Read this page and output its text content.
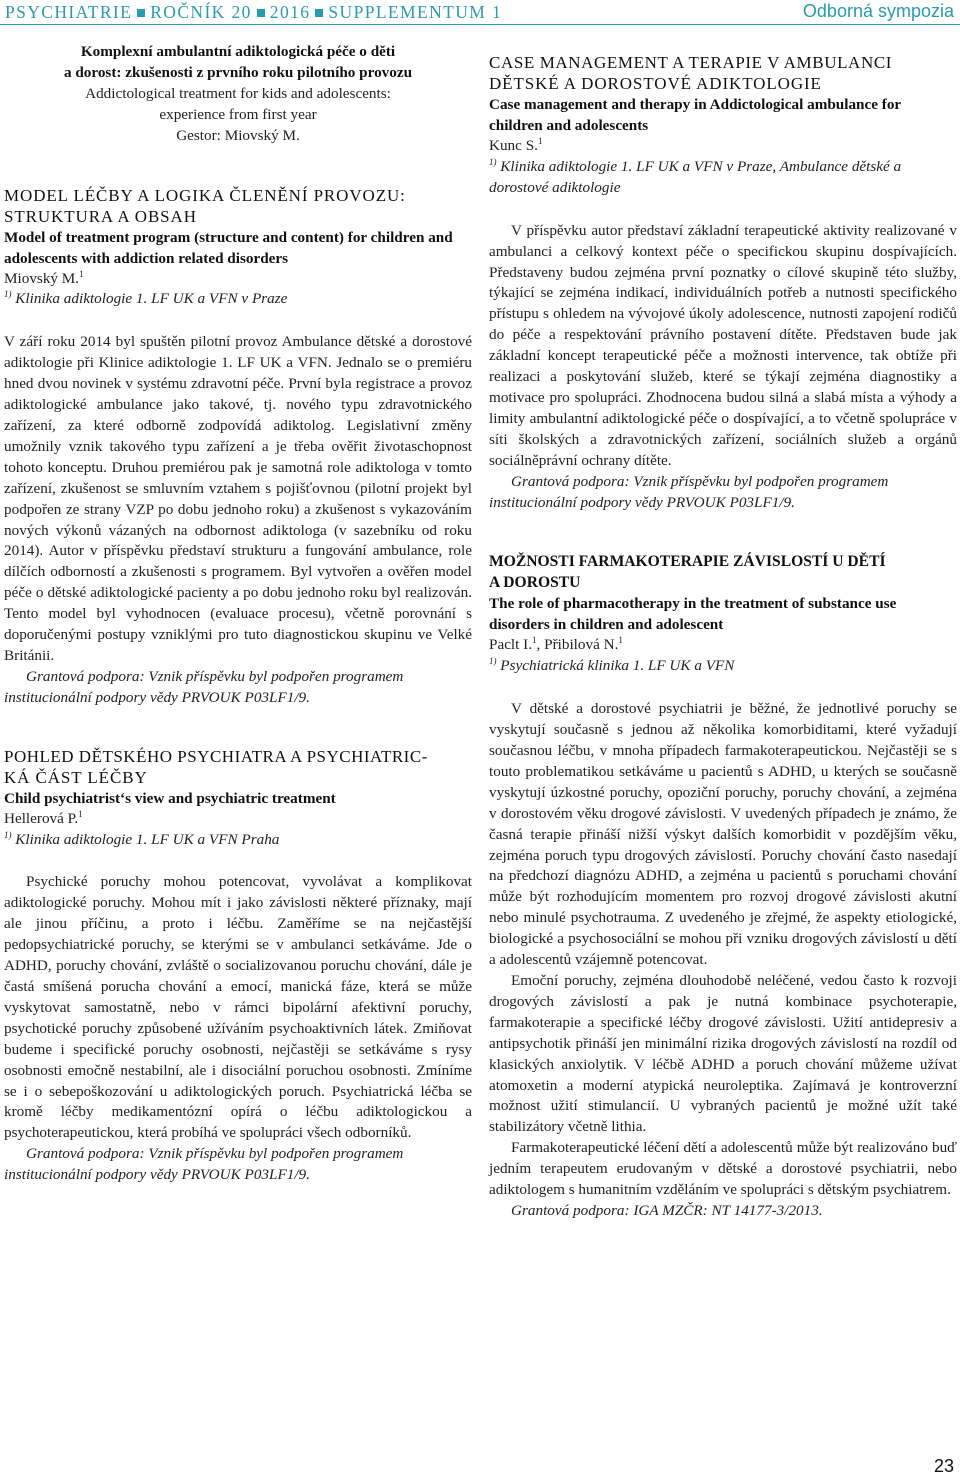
PSYCHIATRIE ROČNÍK 20 2016 SUPPLEMENTUM 1	Odborná sympozia

Komplexní ambulantní adiktologická péče o děti

a dorost: zkušenosti z prvního roku pilotního provozu

Addictological treatment for kids and adolescents:

experience from first year

Gestor: Miovský M.

MODEL LÉČBY A LOGIKA ČLENĚNÍ PROVOZU:

STRUKTURA A OBSAH

Model of treatment program (structure and content) for children and adolescents with addiction related disorders

Miovský M.$^1$

$^{1)}$ Klinika adiktologie 1. LF UK a VFN v Praze

V září roku 2014 byl spuštěn pilotní provoz Ambulance dětské a dorostové adiktologie při Klinice adiktologie 1. LF UK a VFN. Jednalo se o premiéru hned dvou novinek v systému zdravotní péče. První byla registrace a provoz adiktologické ambulance jako takové, tj. nového typu zdravotnického zařízení, za které odborně zodpovídá adiktolog. Legislativní změny umožnily vznik takového typu zařízení a je třeba ověřit životaschopnost tohoto konceptu. Druhou premiérou pak je samotná role adiktologa v tomto zařízení, zkušenost se smluvním vztahem s pojišťovnou (pilotní projekt byl podpořen ze strany VZP po dobu jednoho roku) a zkušenost s vykazováním nových výkonů vázaných na odbornost adiktologa (v sazebníku od roku 2014). Autor v příspěvku představí strukturu a fungování ambulance, role dílčích odborností a zkušenosti s programem. Byl vytvořen a ověřen model péče o dětské adiktologické pacienty a po dobu jednoho roku byl realizován. Tento model byl vyhodnocen (evaluace procesu), včetně porovnání s doporučenými postupy vzniklými pro tuto diagnostickou skupinu ve Velké Británii.

Grantová podpora: Vznik příspěvku byl podpořen programem institucionální podpory vědy PRVOUK P03LF1/9.

POHLED DĚTSKÉHO PSYCHIATRA A PSYCHIATRIC-

KÁ ČÁST LÉČBY

Child psychiatrist‘s view and psychiatric treatment

Hellerová P.$^1$

$^{1)}$ Klinika adiktologie 1. LF UK a VFN Praha

Psychické poruchy mohou potencovat, vyvolávat a komplikovat adiktologické poruchy. Mohou mít i jako závislosti některé příznaky, mají ale jinou příčinu, a proto i léčbu. Zaměříme se na nejčastější pedopsychiatrické poruchy, se kterými se v ambulanci setkáváme. Jde o ADHD, poruchy chování, zvláště o socializovanou poruchu chování, dále je častá smíšená porucha chování a emocí, manická fáze, která se může vyskytovat samostatně, nebo v rámci bipolární afektivní poruchy, psychotické poruchy způsobené užíváním psychoaktivních látek. Zmiňovat budeme i specifické poruchy osobnosti, nejčastěji se setkáváme s rysy osobnosti emočně nestabilní, ale i disociální poruchou osobnosti. Zmíníme se i o sebepoškozování u adiktologických poruch. Psychiatrická léčba se kromě léčby medikamentózní opírá o léčbu adiktologickou a psychoterapeutickou, která probíhá ve spolupráci všech odborníků.

Grantová podpora: Vznik příspěvku byl podpořen programem institucionální podpory vědy PRVOUK P03LF1/9.

CASE MANAGEMENT A TERAPIE V AMBULANCI

DĚTSKÉ A DOROSTOVÉ ADIKTOLOGIE

Case management and therapy in Addictological ambulance for children and adolescents

Kunc S.$^1$

$^{1)}$ Klinika adiktologie 1. LF UK a VFN v Praze, Ambulance dětské a dorostové adiktologie

V příspěvku autor představí základní terapeutické aktivity realizované v ambulanci a celkový kontext péče o specifickou skupinu dospívajících. Představeny budou zejména první poznatky o cílové skupině této služby, týkající se zejména indikací, individuálních potřeb a nutnosti specifického přístupu s ohledem na vývojové úkoly adolescence, nutnosti zapojení rodičů do péče a respektování právního postavení dítěte. Představen bude jak základní koncept terapeutické péče a možnosti intervence, tak obtíže při realizaci a poskytování služeb, které se týkají zejména diagnostiky a motivace pro spolupráci. Zhodnocena budou silná a slabá místa a výhody a limity ambulantní adiktologické péče o dospívající, a to včetně spolupráce v síti školských a zdravotnických zařízení, sociálních služeb a orgánů sociálněprávní ochrany dítěte.

Grantová podpora: Vznik příspěvku byl podpořen programem institucionální podpory vědy PRVOUK P03LF1/9.

MOŽNOSTI FARMAKOTERAPIE ZÁVISLOSTÍ U DĚTÍ

A DOROSTU

The role of pharmacotherapy in the treatment of substance use disorders in children and adolescent

Paclt I.$^1$, Přibilová N.$^1$

$^{1)}$ Psychiatrická klinika 1. LF UK a VFN

V dětské a dorostové psychiatrii je běžné, že jednotlivé poruchy se vyskytují současně s jednou až několika komorbiditami, které vyžadují současnou léčbu, v mnoha případech farmakoterapeutickou. Nejčastěji se s touto problematikou setkáváme u pacientů s ADHD, u kterých se současně vyskytují úzkostné poruchy, opoziční poruchy, poruchy chování, a zejména v dorostovém věku drogové závislosti. V uvedených případech je známo, že časná terapie přináší nižší výskyt dalších komorbidit v pozdějším věku, zejména poruch typu drogových závislostí. Poruchy chování často nasedají na předchozí diagnózu ADHD, a zejména u pacientů s poruchami chování může být rozhodujícím momentem pro rozvoj drogové závislosti akutní nebo minulé psychotrauma. Z uvedeného je zřejmé, že aspekty etiologické, biologické a psychosociální se mohou při vzniku drogových závislostí u dětí a adolescentů vzájemně potencovat.

Emoční poruchy, zejména dlouhodobě neléčené, vedou často k rozvoji drogových závislostí a pak je nutná kombinace psychoterapie, farmakoterapie a specifické léčby drogové závislosti. Užití antidepresiv a antipsychotik přináší jen minimální rizika drogových závislostí na rozdíl od klasických anxiolytik. V léčbě ADHD a poruch chování můžeme užívat atomoxetin a moderní atypická neuroleptika. Zajímavá je kontroverzní možnost užití stimulancií. U vybraných pacientů je možné užít také stabilizátory včetně lithia.

Farmakoterapeutické léčení dětí a adolescentů může být realizováno buď jedním terapeutem erudovaným v dětské a dorostové psychiatrii, nebo adiktologem s humanitním vzděláním ve spolupráci s dětským psychiatrem.

Grantová podpora: IGA MZČR: NT 14177-3/2013.

23
